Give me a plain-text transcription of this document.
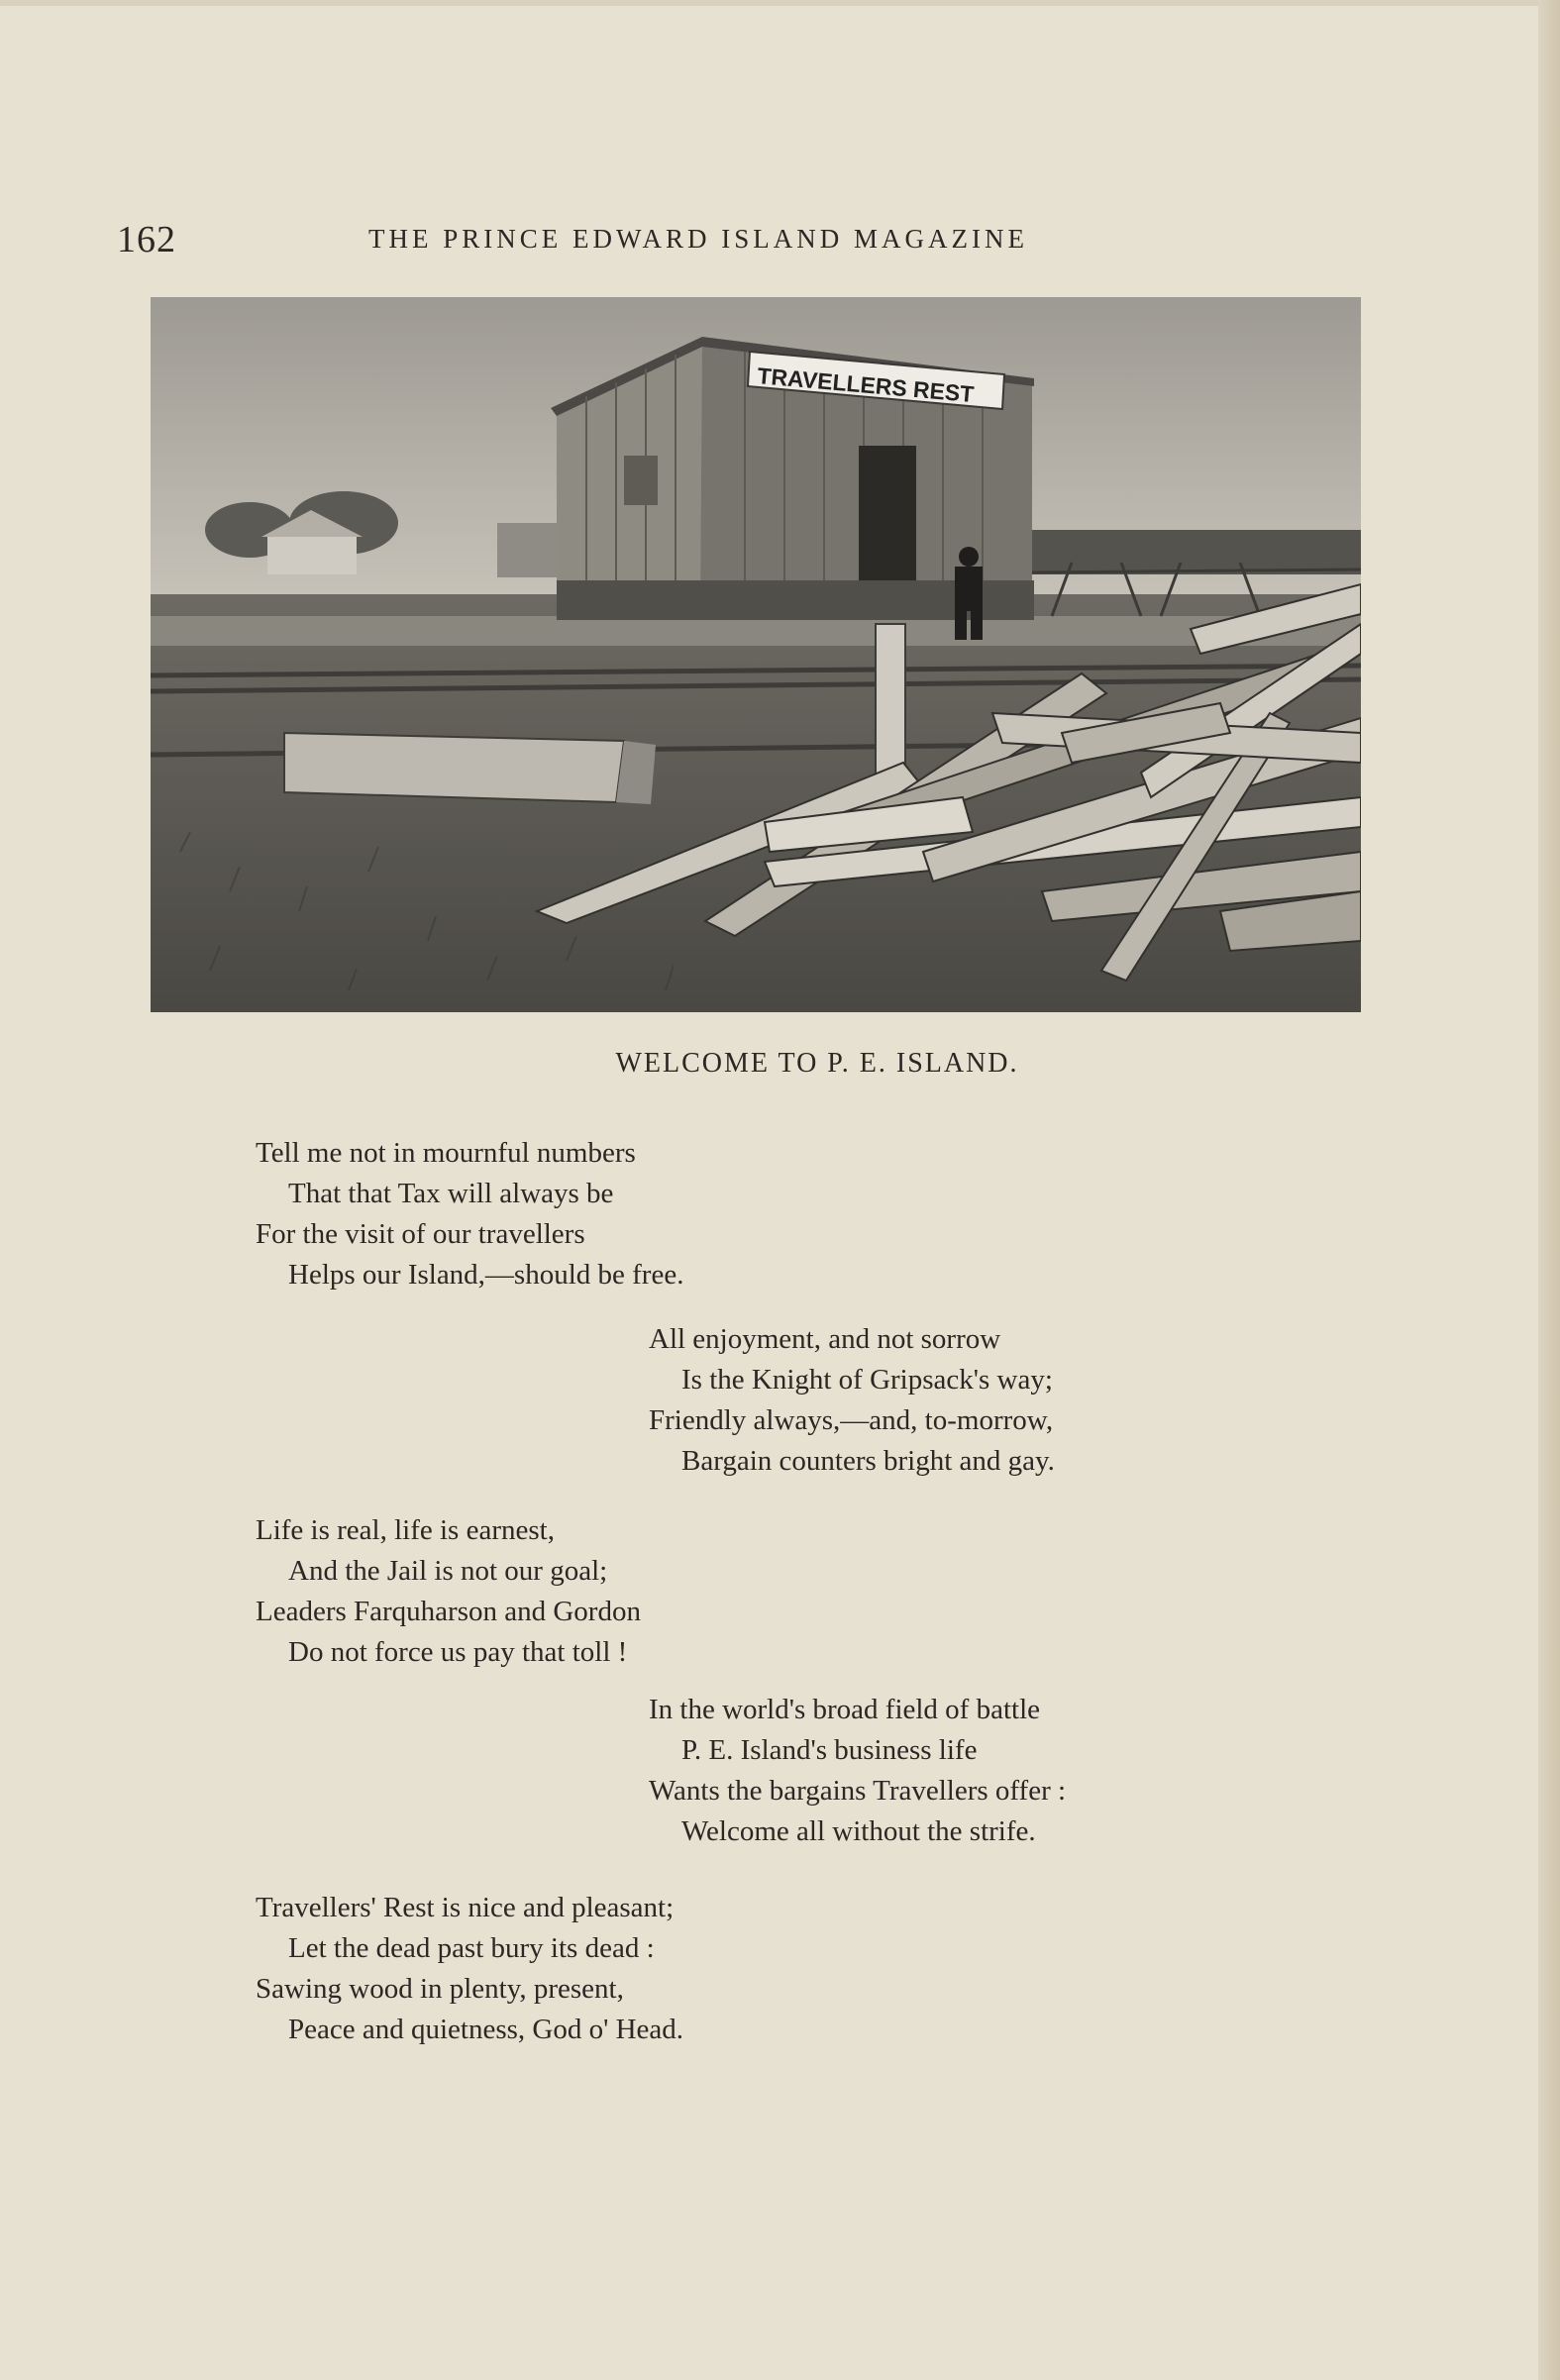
162	THE PRINCE EDWARD ISLAND MAGAZINE
TRAVELLERS REST
WELCOME TO P. E. ISLAND.
Tell me not in mournful numbers
That that Tax will always be
For the visit of our travellers
Helps our Island,—should be free.
All enjoyment, and not sorrow
Is the Knight of Gripsack's way;
Friendly always,—and, to-morrow,
Bargain counters bright and gay.
Life is real, life is earnest,
And the Jail is not our goal;
Leaders Farquharson and Gordon
Do not force us pay that toll !
In the world's broad field of battle
P. E. Island's business life
Wants the bargains Travellers offer :
Welcome all without the strife.
Travellers' Rest is nice and pleasant;
Let the dead past bury its dead :
Sawing wood in plenty, present,
Peace and quietness, God o' Head.
